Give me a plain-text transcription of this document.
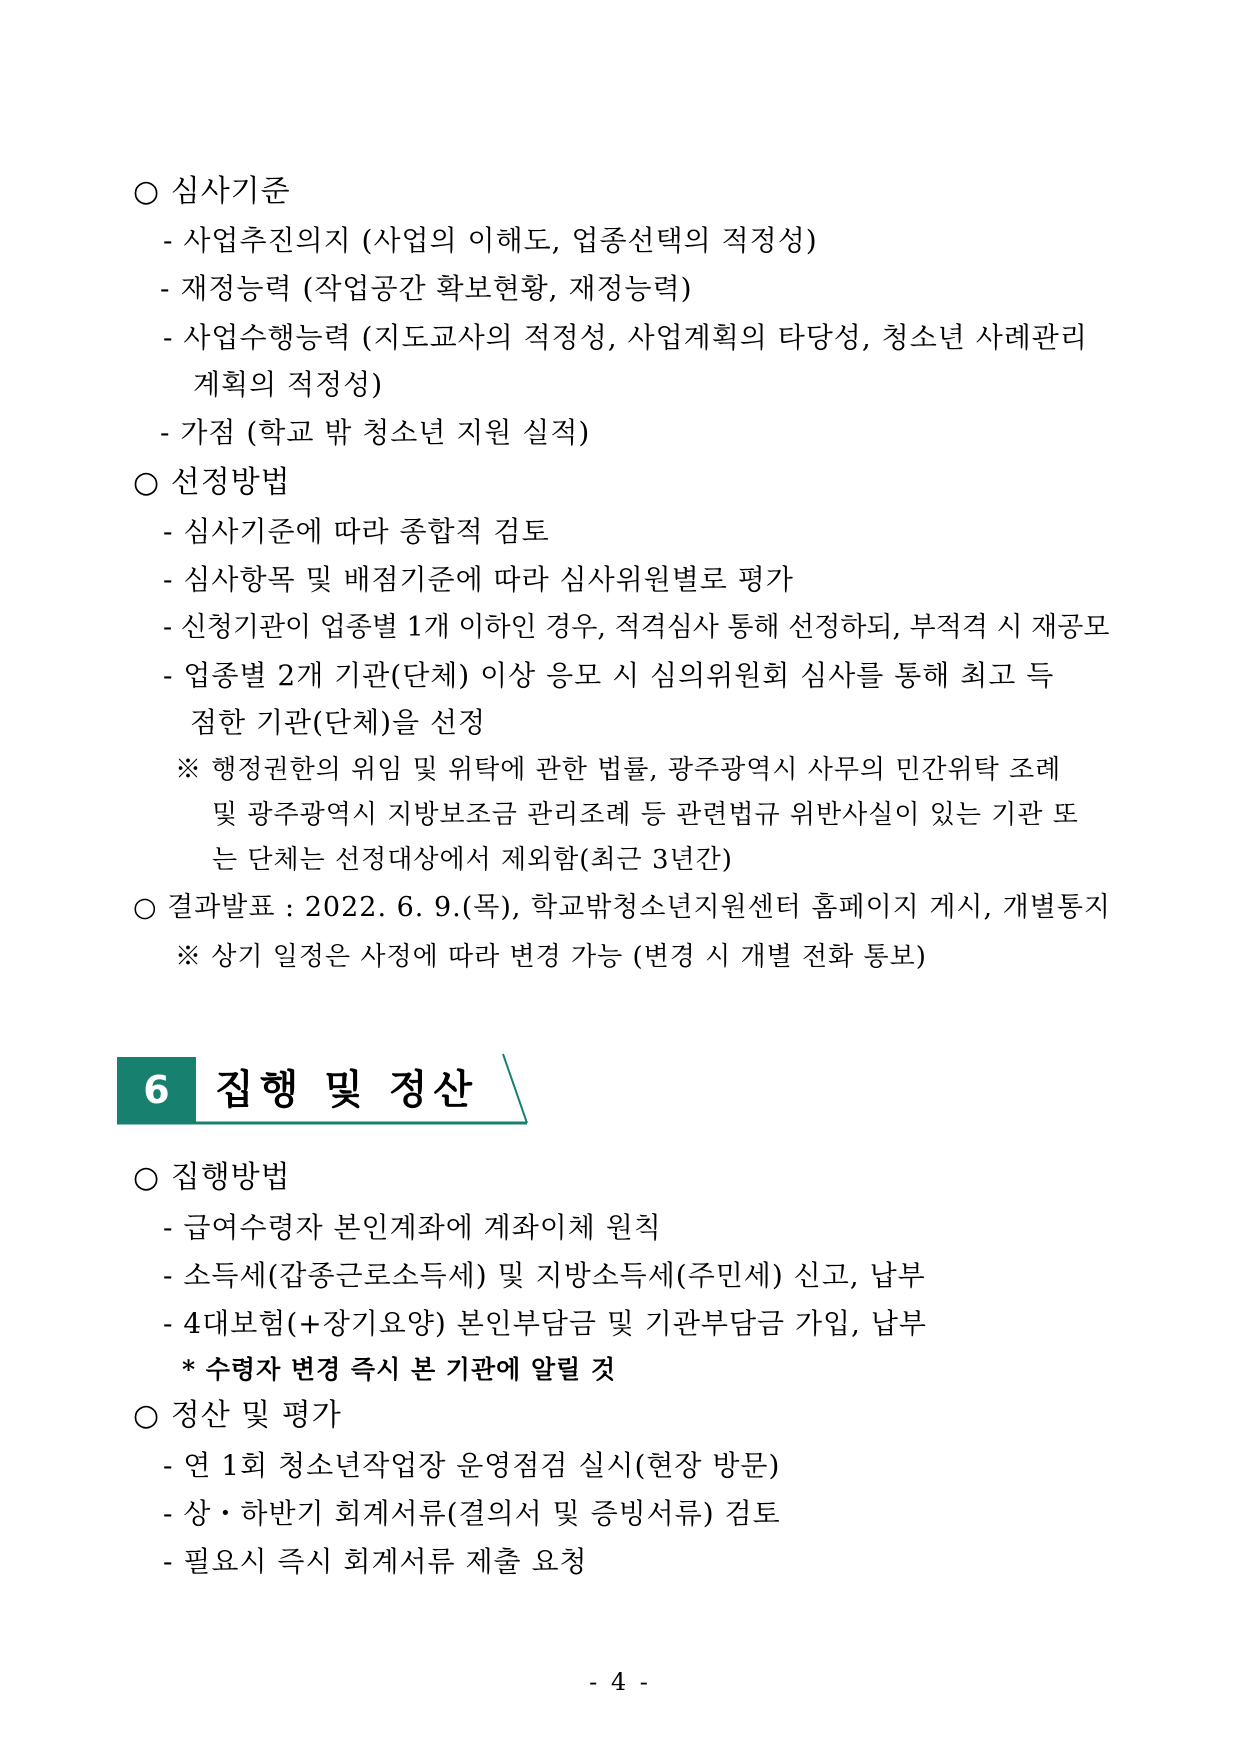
○ 심사기준
- 사업추진의지 (사업의 이해도, 업종선택의 적정성)
- 재정능력 (작업공간 확보현황, 재정능력)
- 사업수행능력 (지도교사의 적정성, 사업계획의 타당성, 청소년 사례관리
계획의 적정성)
- 가점 (학교 밖 청소년 지원 실적)
○ 선정방법
- 심사기준에 따라 종합적 검토
- 심사항목 및 배점기준에 따라 심사위원별로 평가
- 신청기관이 업종별 1개 이하인 경우, 적격심사 통해 선정하되, 부적격 시 재공모
- 업종별 2개 기관(단체) 이상 응모 시 심의위원회 심사를 통해 최고 득
점한 기관(단체)을 선정
※ 행정권한의 위임 및 위탁에 관한 법률, 광주광역시 사무의 민간위탁 조례
및 광주광역시 지방보조금 관리조례 등 관련법규 위반사실이 있는 기관 또
는 단체는 선정대상에서 제외함(최근 3년간)
○ 결과발표 : 2022. 6. 9.(목), 학교밖청소년지원센터 홈페이지 게시, 개별통지
※ 상기 일정은 사정에 따라 변경 가능 (변경 시 개별 전화 통보)
6	집행 및 정산
○ 집행방법
- 급여수령자 본인계좌에 계좌이체 원칙
- 소득세(갑종근로소득세) 및 지방소득세(주민세) 신고, 납부
- 4대보험(+장기요양) 본인부담금 및 기관부담금 가입, 납부
* 수령자 변경 즉시 본 기관에 알릴 것
○ 정산 및 평가
- 연 1회 청소년작업장 운영점검 실시(현장 방문)
- 상・하반기 회계서류(결의서 및 증빙서류) 검토
- 필요시 즉시 회계서류 제출 요청
- 4 -
